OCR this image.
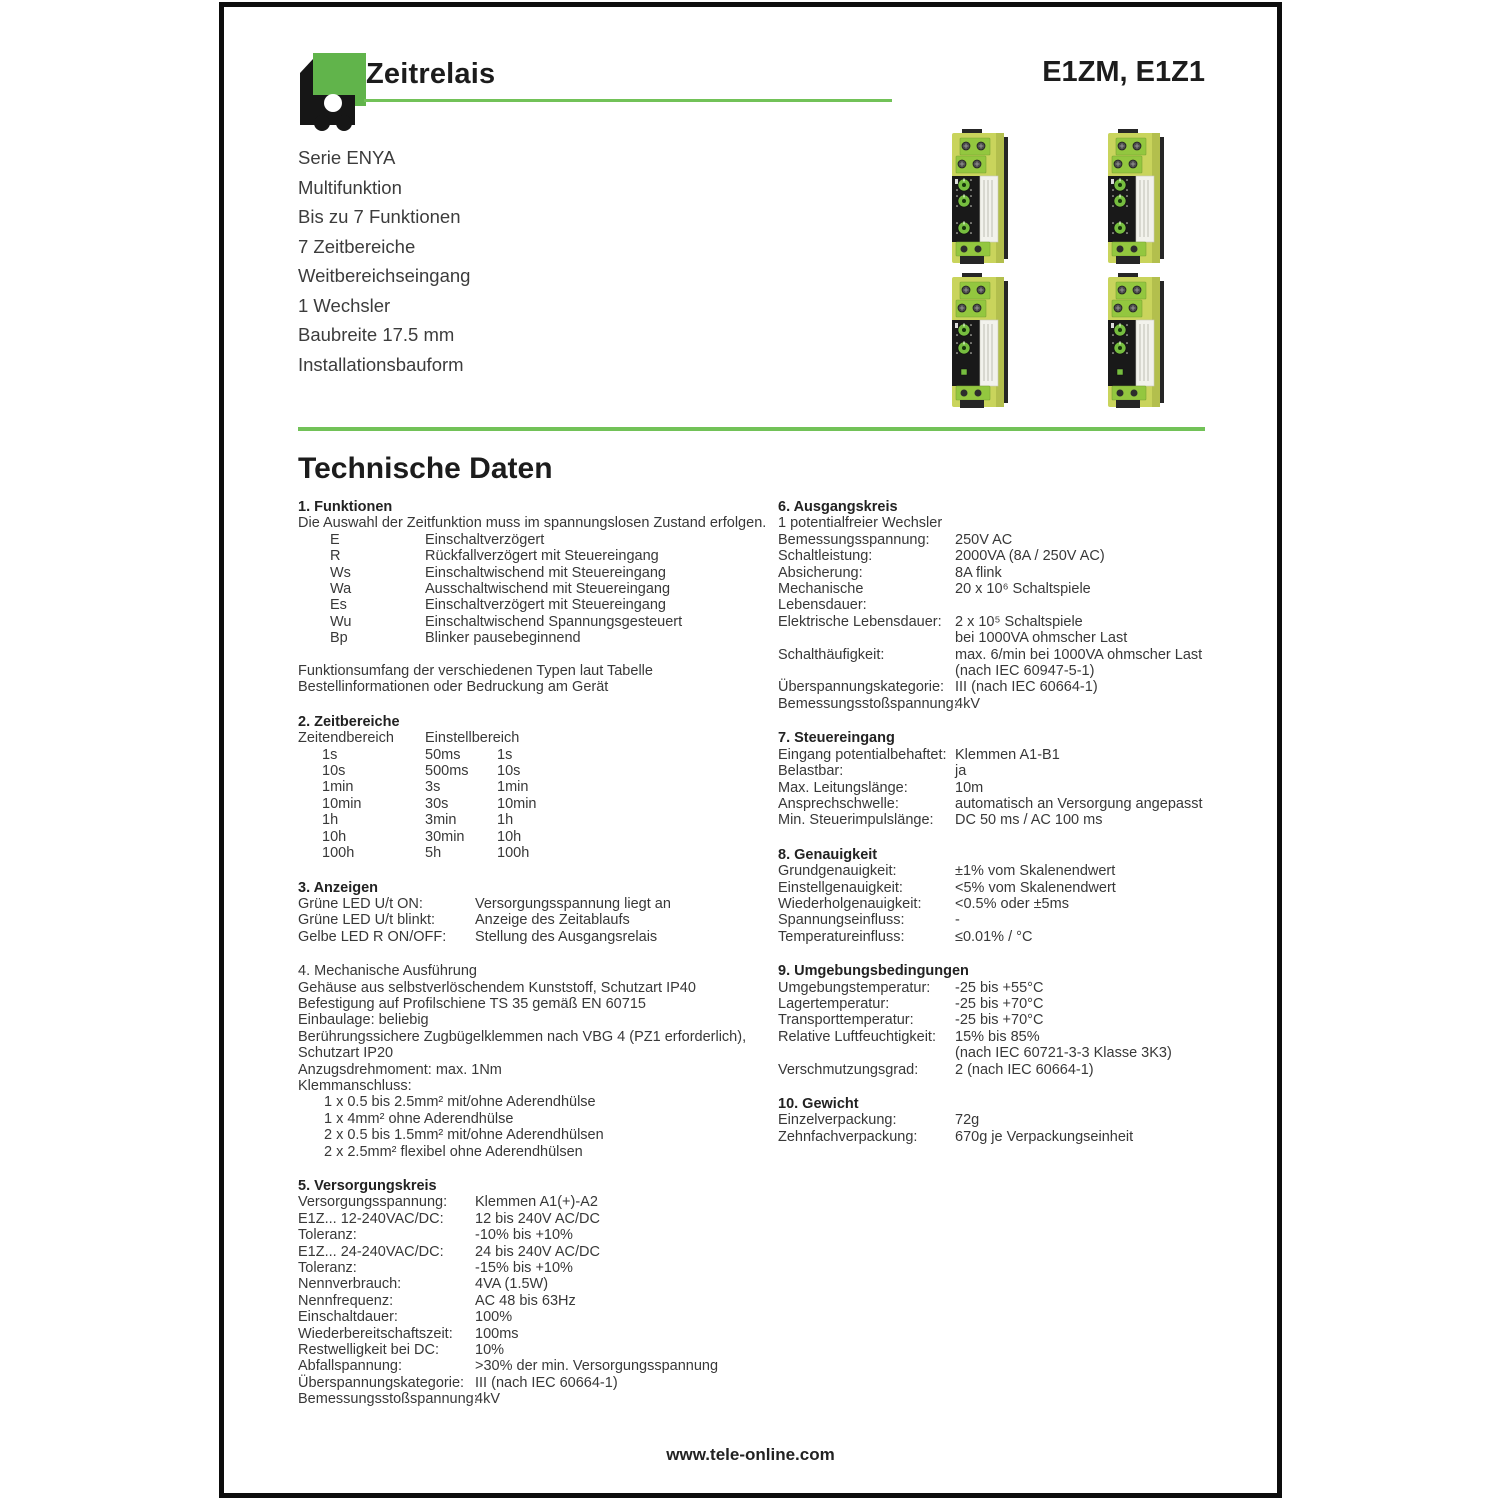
Zeitrelais	E1ZM, E1Z1
Serie ENYA
Multifunktion
Bis zu 7 Funktionen
7 Zeitbereiche
Weitbereichseingang
1 Wechsler
Baubreite 17.5 mm
Installationsbauform
Technische Daten
1. Funktionen
Die Auswahl der Zeitfunktion muss im spannungslosen Zustand erfolgen.
E	Einschaltverzögert
R	Rückfallverzögert mit Steuereingang
Ws	Einschaltwischend mit Steuereingang
Wa	Ausschaltwischend mit Steuereingang
Es	Einschaltverzögert mit Steuereingang
Wu	Einschaltwischend Spannungsgesteuert
Bp	Blinker pausebeginnend
Funktionsumfang der verschiedenen Typen laut Tabelle Bestellinformationen oder Bedruckung am Gerät
2. Zeitbereiche
Zeitendbereich	Einstellbereich
1s	50ms	1s
10s	500ms	10s
1min	3s	1min
10min	30s	10min
1h	3min	1h
10h	30min	10h
100h	5h	100h
3. Anzeigen
Grüne LED U/t ON:	Versorgungsspannung liegt an
Grüne LED U/t blinkt:	Anzeige des Zeitablaufs
Gelbe LED R ON/OFF:	Stellung des Ausgangsrelais
4. Mechanische Ausführung
Gehäuse aus selbstverlöschendem Kunststoff, Schutzart IP40
Befestigung auf Profilschiene TS 35 gemäß EN 60715
Einbaulage: beliebig
Berührungssichere Zugbügelklemmen nach VBG 4 (PZ1 erforderlich), Schutzart IP20
Anzugsdrehmoment: max. 1Nm
Klemmanschluss:
1 x 0.5 bis 2.5mm² mit/ohne Aderendhülse
1 x 4mm² ohne Aderendhülse
2 x 0.5 bis 1.5mm² mit/ohne Aderendhülsen
2 x 2.5mm² flexibel ohne Aderendhülsen
5. Versorgungskreis
Versorgungsspannung:	Klemmen A1(+)-A2
E1Z... 12-240VAC/DC:	12 bis 240V AC/DC
Toleranz:	-10% bis +10%
E1Z... 24-240VAC/DC:	24 bis 240V AC/DC
Toleranz:	-15% bis +10%
Nennverbrauch:	4VA (1.5W)
Nennfrequenz:	AC 48 bis 63Hz
Einschaltdauer:	100%
Wiederbereitschaftszeit:	100ms
Restwelligkeit bei DC:	10%
Abfallspannung:	>30% der min. Versorgungsspannung
Überspannungskategorie: III (nach IEC 60664-1)
Bemessungsstoßspannung:
4kV
6. Ausgangskreis
1 potentialfreier Wechsler
Bemessungsspannung:	250V AC
Schaltleistung:	2000VA (8A / 250V AC)
Absicherung:	8A flink
Mechanische Lebensdauer:
20 x 10⁶ Schaltspiele
Elektrische Lebensdauer: 2 x 10⁵ Schaltspiele
bei 1000VA ohmscher Last
Schalthäufigkeit:	max. 6/min bei 1000VA ohmscher Last
(nach IEC 60947-5-1)
Überspannungskategorie: III (nach IEC 60664-1)
Bemessungsstoßspannung:
4kV
7. Steuereingang
Eingang potentialbehaftet: Klemmen A1-B1
Belastbar:	ja
Max. Leitungslänge:	10m
Ansprechschwelle:	automatisch an Versorgung angepasst
Min. Steuerimpulslänge:	DC 50 ms / AC 100 ms
8. Genauigkeit
Grundgenauigkeit:	±1% vom Skalenendwert
Einstellgenauigkeit:	<5% vom Skalenendwert
Wiederholgenauigkeit:	<0.5% oder ±5ms
Spannungseinfluss:	-
Temperatureinfluss:	≤0.01% / °C
9. Umgebungsbedingungen
Umgebungstemperatur:	-25 bis +55°C
Lagertemperatur:	-25 bis +70°C
Transporttemperatur:	-25 bis +70°C
Relative Luftfeuchtigkeit:	15% bis 85%
(nach IEC 60721-3-3 Klasse 3K3)
Verschmutzungsgrad:	2 (nach IEC 60664-1)
10. Gewicht
Einzelverpackung:	72g
Zehnfachverpackung:	670g je Verpackungseinheit
www.tele-online.com
